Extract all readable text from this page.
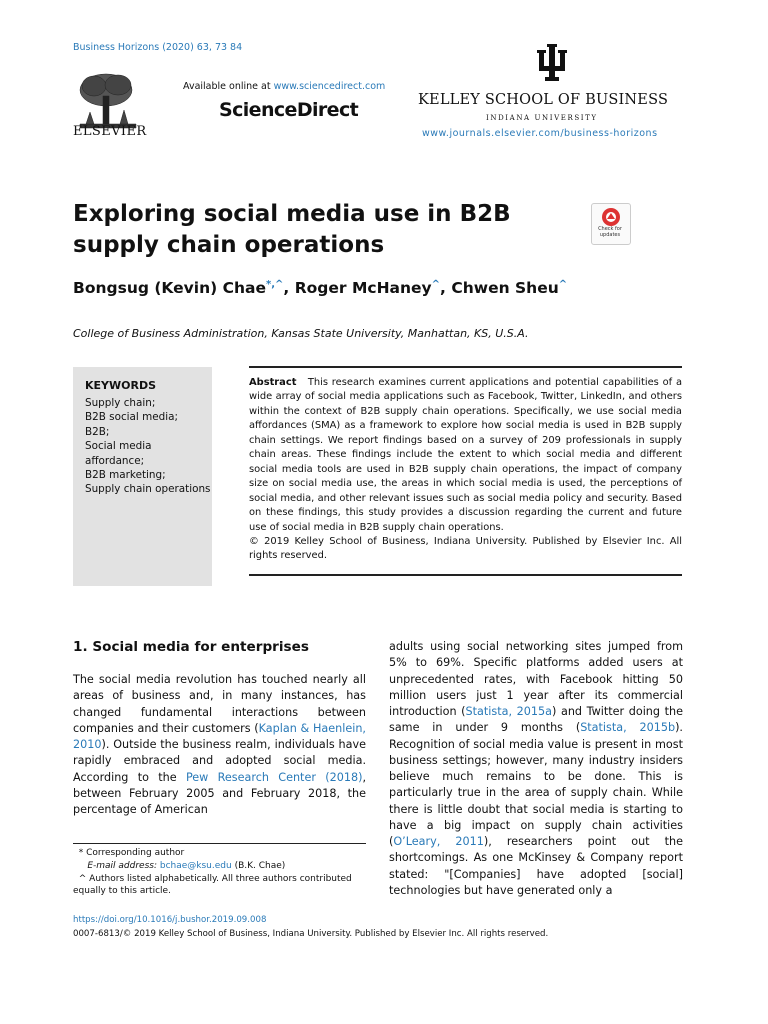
Business Horizons (2020) 63, 73 84
ELSEVIER
Available online at www.sciencedirect.com
ScienceDirect	KELLEY SCHOOL OF BUSINESS
INDIANA UNIVERSITY
www.journals.elsevier.com/business-horizons
Exploring social media use in B2B supply chain operations
Check for updates
Bongsug (Kevin) Chae*,^, Roger McHaney^, Chwen Sheu^
College of Business Administration, Kansas State University, Manhattan, KS, U.S.A.
KEYWORDS
Supply chain;
B2B social media;
B2B;
Social media
affordance;
B2B marketing;
Supply chain operations
Abstract This research examines current applications and potential capabilities of a wide array of social media applications such as Facebook, Twitter, LinkedIn, and others within the context of B2B supply chain operations. Specifically, we use social media affordances (SMA) as a framework to explore how social media is used in B2B supply chain settings. We report findings based on a survey of 209 professionals in supply chain areas. These findings include the extent to which social media and different social media tools are used in B2B supply chain operations, the impact of company size on social media use, the areas in which social media is used, the perceptions of social media, and other relevant issues such as social media policy and security. Based on these findings, this study provides a discussion regarding the current and future use of social media in B2B supply chain operations.
© 2019 Kelley School of Business, Indiana University. Published by Elsevier Inc. All rights reserved.
1. Social media for enterprises
The social media revolution has touched nearly all areas of business and, in many instances, has changed fundamental interactions between companies and their customers (Kaplan & Haenlein, 2010). Outside the business realm, individuals have rapidly embraced and adopted social media. According to the Pew Research Center (2018), between February 2005 and February 2018, the percentage of American
adults using social networking sites jumped from 5% to 69%. Specific platforms added users at unprecedented rates, with Facebook hitting 50 million users just 1 year after its commercial introduction (Statista, 2015a) and Twitter doing the same in under 9 months (Statista, 2015b). Recognition of social media value is present in most business settings; however, many industry insiders believe much remains to be done. This is particularly true in the area of supply chain. While there is little doubt that social media is starting to have a big impact on supply chain activities (O’Leary, 2011), researchers point out the shortcomings. As one McKinsey & Company report stated: "[Companies] have adopted [social] technologies but have generated only a
* Corresponding author
E-mail address: bchae@ksu.edu (B.K. Chae)
^ Authors listed alphabetically. All three authors contributed equally to this article.
https://doi.org/10.1016/j.bushor.2019.09.008
0007-6813/© 2019 Kelley School of Business, Indiana University. Published by Elsevier Inc. All rights reserved.
